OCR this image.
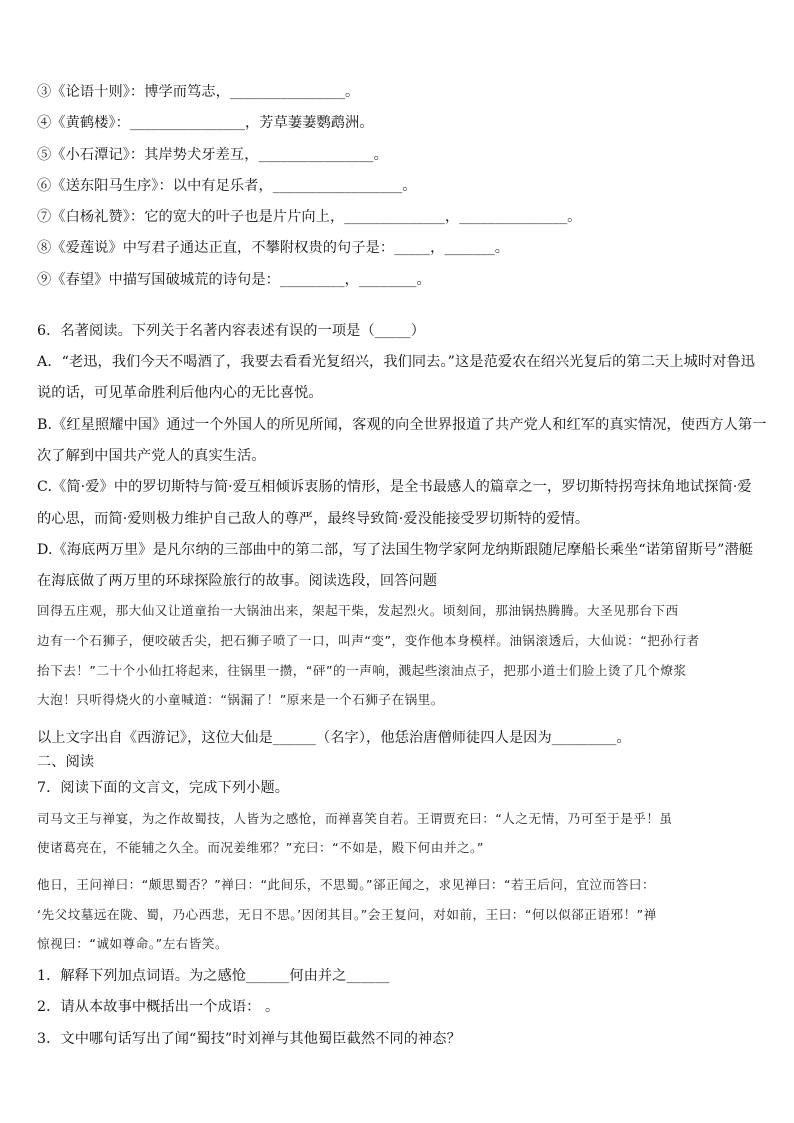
③《论语十则》：博学而笃志，________________。
④《黄鹤楼》：________________，芳草萋萋鹦鹉洲。
⑤《小石潭记》：其岸势犬牙差互，________________。
⑥《送东阳马生序》：以中有足乐者，__________________。
⑦《白杨礼赞》：它的宽大的叶子也是片片向上，______________，_______________。
⑧《爱莲说》中写君子通达正直，不攀附权贵的句子是：_____，_______。
⑨《春望》中描写国破城荒的诗句是：_________，________。
6．名著阅读。下列关于名著内容表述有误的一项是（_____）
A．“老迅，我们今天不喝酒了，我要去看看光复绍兴，我们同去。”这是范爱农在绍兴光复后的第二天上城时对鲁迅
说的话，可见革命胜利后他内心的无比喜悦。
B.《红星照耀中国》通过一个外国人的所见所闻，客观的向全世界报道了共产党人和红军的真实情况，使西方人第一
次了解到中国共产党人的真实生活。
C.《简·爱》中的罗切斯特与简·爱互相倾诉衷肠的情形，是全书最感人的篇章之一，罗切斯特拐弯抹角地试探简·爱
的心思，而简·爱则极力维护自己敌人的尊严，最终导致简·爱没能接受罗切斯特的爱情。
D.《海底两万里》是凡尔纳的三部曲中的第二部，写了法国生物学家阿龙纳斯跟随尼摩船长乘坐“诺第留斯号”潜艇
在海底做了两万里的环球探险旅行的故事。阅读选段，回答问题
回得五庄观，那大仙又让道童抬一大锅油出来，架起干柴，发起烈火。顷刻间，那油锅热腾腾。大圣见那台下西
边有一个石狮子，便咬破舌尖，把石狮子喷了一口，叫声“变”，变作他本身模样。油锅滚透后，大仙说：“把孙行者
抬下去！”二十个小仙扛将起来，往锅里一攒，“砰”的一声响，溅起些滚油点子，把那小道士们脸上烫了几个燎浆
大泡！只听得烧火的小童喊道：“锅漏了！”原来是一个石狮子在锅里。
以上文字出自《西游记》，这位大仙是______（名字），他恁治唐僧师徒四人是因为_________。
二、阅读
7．阅读下面的文言文，完成下列小题。
司马文王与禅宴，为之作故蜀技，人皆为之感怆，而禅喜笑自若。王谓贾充曰：“人之无情，乃可至于是乎！虽
使诸葛亮在，不能辅之久全。而况姜维邪？”充曰：“不如是，殿下何由并之。”
他日，王问禅曰：“颇思蜀否？”禅曰：“此间乐，不思蜀。”郤正闻之，求见禅曰：“若王后问，宜泣而答曰：
‘先父坟墓远在陇、蜀，乃心西悲，无日不思。’因闭其目。”会王复问，对如前，王曰：“何以似郤正语邪！”禅
惊视曰：“诚如尊命。”左右皆笑。
1．解释下列加点词语。为之感怆______何由并之______
2．请从本故事中概括出一个成语： 。
3．文中哪句话写出了闻“蜀技”时刘禅与其他蜀臣截然不同的神态？
